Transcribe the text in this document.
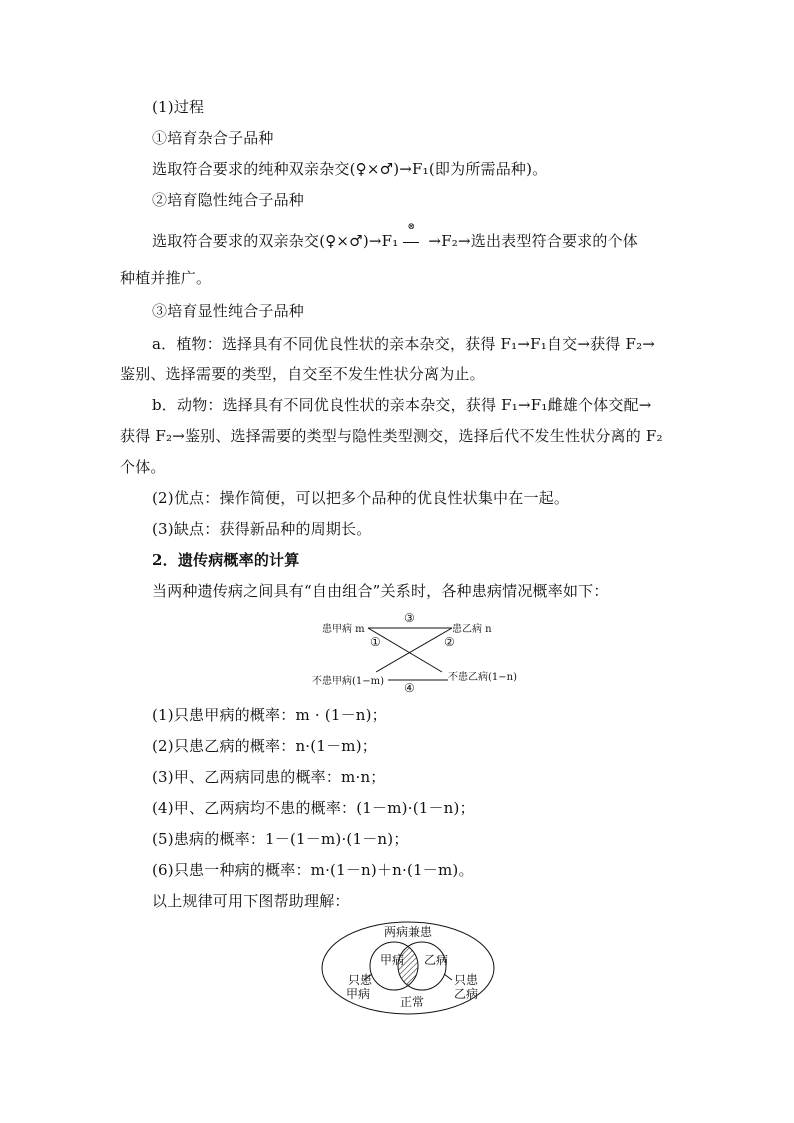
(1)过程
①培育杂合子品种
选取符合要求的纯种双亲杂交(♀×♂)→F₁(即为所需品种)。
②培育隐性纯合子品种
选取符合要求的双亲杂交(♀×♂)→F₁
⊗
→F₂→选出表型符合要求的个体
种植并推广。
③培育显性纯合子品种
a．植物：选择具有不同优良性状的亲本杂交，获得 F₁→F₁自交→获得 F₂→
鉴别、选择需要的类型，自交至不发生性状分离为止。
b．动物：选择具有不同优良性状的亲本杂交，获得 F₁→F₁雌雄个体交配→
获得 F₂→鉴别、选择需要的类型与隐性类型测交，选择后代不发生性状分离的 F₂
个体。
(2)优点：操作简便，可以把多个品种的优良性状集中在一起。
(3)缺点：获得新品种的周期长。
2．遗传病概率的计算
当两种遗传病之间具有“自由组合”关系时，各种患病情况概率如下：
患甲病 m	患乙病 n
不患甲病(1−m)	不患乙病(1−n)
③
①	②
④
(1)只患甲病的概率：m · (1－n)；
(2)只患乙病的概率：n·(1－m)；
(3)甲、乙两病同患的概率：m·n；
(4)甲、乙两病均不患的概率：(1－m)·(1－n)；
(5)患病的概率：1－(1－m)·(1－n)；
(6)只患一种病的概率：m·(1－n)＋n·(1－m)。
以上规律可用下图帮助理解：
两病兼患
甲病 乙病
只患
甲病
只患
乙病
正常
